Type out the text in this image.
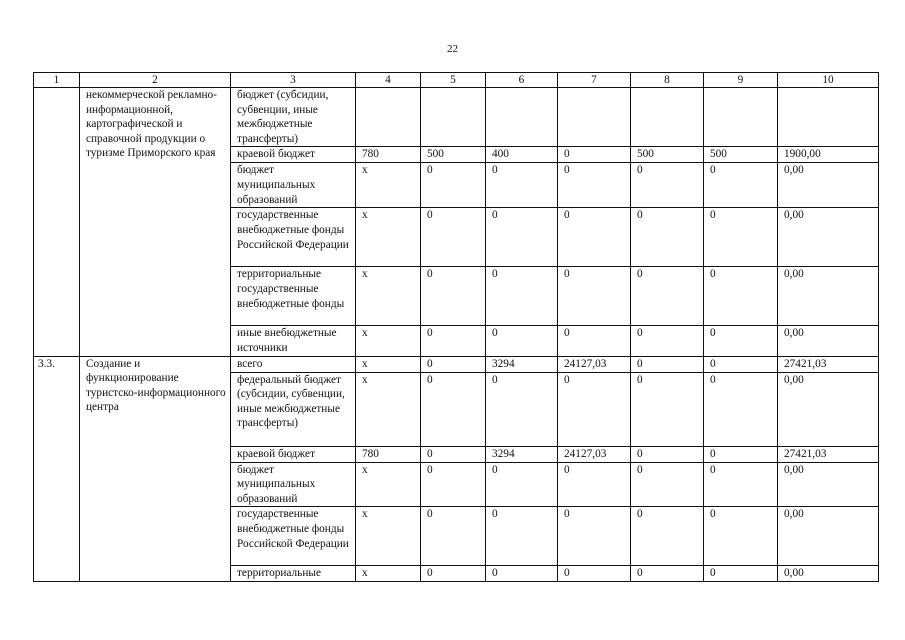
22
1	2	3	4	5	6	7	8	9	10
	некоммерческой рекламно-информационной, картографической и справочной продукции о туризме Приморского края	бюджет (субсидии, субвенции, иные межбюджетные трансферты)							
		краевой бюджет	780	500	400	0	500	500	1900,00
		бюджет муниципальных образований	х	0	0	0	0	0	0,00
		государственные внебюджетные фонды Российской Федерации	х	0	0	0	0	0	0,00
		территориальные государственные внебюджетные фонды	х	0	0	0	0	0	0,00
		иные внебюджетные источники	х	0	0	0	0	0	0,00
3.3.	Создание и функционирование туристско-информационного центра	всего	х	0	3294	24127,03	0	0	27421,03
		федеральный бюджет (субсидии, субвенции, иные межбюджетные трансферты)	х	0	0	0	0	0	0,00
		краевой бюджет	780	0	3294	24127,03	0	0	27421,03
		бюджет муниципальных образований	х	0	0	0	0	0	0,00
		государственные внебюджетные фонды Российской Федерации	х	0	0	0	0	0	0,00
		территориальные	х	0	0	0	0	0	0,00
